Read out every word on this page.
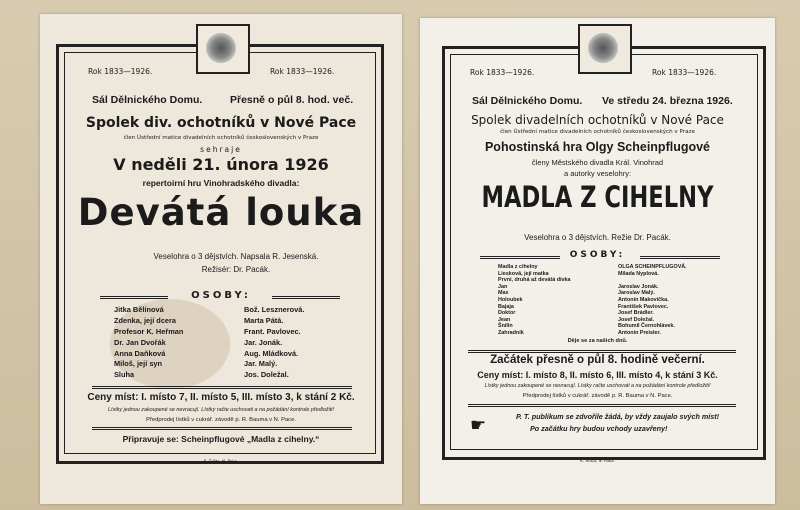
Rok 1833—1926.	Rok 1833—1926.
Sál Dělnického Domu.	Přesně o půl 8. hod. več.
Spolek div. ochotníků v Nové Pace
člen Ústřední matice divadelních ochotníků československých v Praze
sehraje
V neděli 21. února 1926
repertoirní hru Vinohradského divadla:
Devátá louka
Veselohra o 3 dějstvích. Napsala R. Jesenská.
Režisér: Dr. Pacák.
OSOBY:
Jitka Bělínová	Bož. Lesznerová.
Zdenka, její dcera	Marta Pátá.
Profesor K. Heřman	Frant. Pavlovec.
Dr. Jan Dvořák	Jar. Jonák.
Anna Daňková	Aug. Mládková.
Miloš, její syn	Jar. Malý.
Sluha	Jos. Doležal.
Ceny míst: I. místo 7, II. místo 5, III. místo 3, k stání 2 Kč.
Lístky jednou zakoupené se nevracují. Lístky račte uschovati a na požádání kontrole předložiti!
Předprodej lístků v cukrář. závodě p. R. Bauma v N. Pace.
Připravuje se: Scheinpflugové „Madla z cihelny.“
K. Šrůta, N. Paka.
Rok 1833—1926.	Rok 1833—1926.
Sál Dělnického Domu. Ve středu 24. března 1926.
Spolek divadelních ochotníků v Nové Pace
člen Ústřední matice divadelních ochotníků československých v Praze
Pohostinská hra Olgy Scheinpflugové
členy Městského divadla Král. Vinohrad
a autorky veselohry:
MADLA Z CIHELNY
Veselohra o 3 dějstvích. Režie Dr. Pacák.
OSOBY:
Madla z cihelny	OLGA SCHEINPFLUGOVÁ.
Lieskovā, její matka	Milada Nyplová.
První, druhá až devátá dívka
Jan	Jaroslav Jonák.
Max	Jaroslav Malý.
Holoubek	Antonín Makovička.
Bajaja	František Pavlovec.
Doktor	Josef Brádler.
Jean	Josef Doležal.
Šnílin	Bohumil Černohlávek.
Zahradník	Antonín Preisler.
Děje se za našich dnů.
Začátek přesně o půl 8. hodině večerní.
Ceny míst: I. místo 8, II. místo 6, III. místo 4, k stání 3 Kč.
Lístky jednou zakoupené se nevracují. Lístky račte uschovati a na požádání kontrole předložiti!
Předprodej lístků v cukrář. závodě p. R. Bauma v N. Pace.
☛	P. T. publikum se zdvořile žádá, by vždy zaujalo svých míst!
Po začátku hry budou vchody uzavřeny!
K. Šrůta, N. Paka.
